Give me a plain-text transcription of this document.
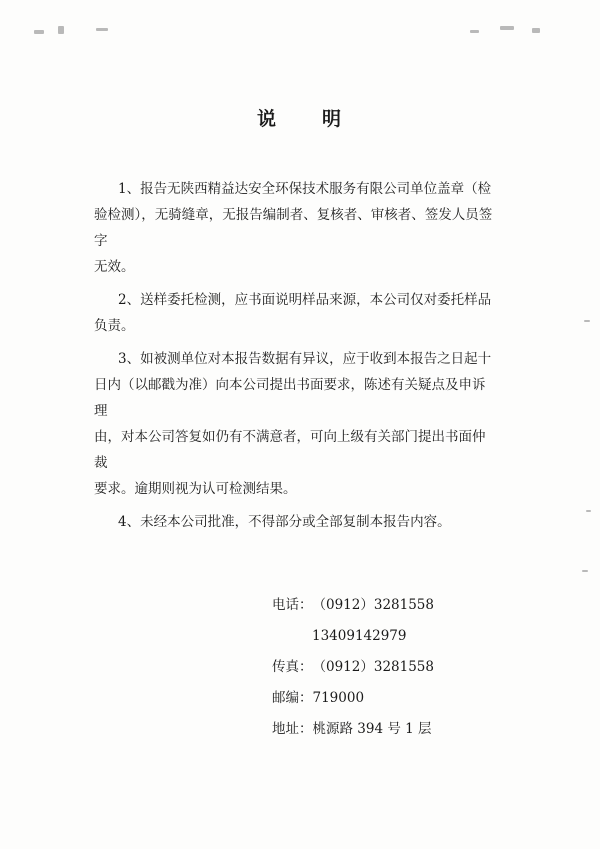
说 明
1、报告无陕西精益达安全环保技术服务有限公司单位盖章（检
验检测），无骑缝章，无报告编制者、复核者、审核者、签发人员签字
无效。
2、送样委托检测，应书面说明样品来源，本公司仅对委托样品
负责。
3、如被测单位对本报告数据有异议，应于收到本报告之日起十
日内（以邮戳为准）向本公司提出书面要求，陈述有关疑点及申诉理
由，对本公司答复如仍有不满意者，可向上级有关部门提出书面仲裁
要求。逾期则视为认可检测结果。
4、未经本公司批准，不得部分或全部复制本报告内容。
电话：（0912）3281558
13409142979
传真：（0912）3281558
邮编：719000
地址：桃源路 394 号 1 层
